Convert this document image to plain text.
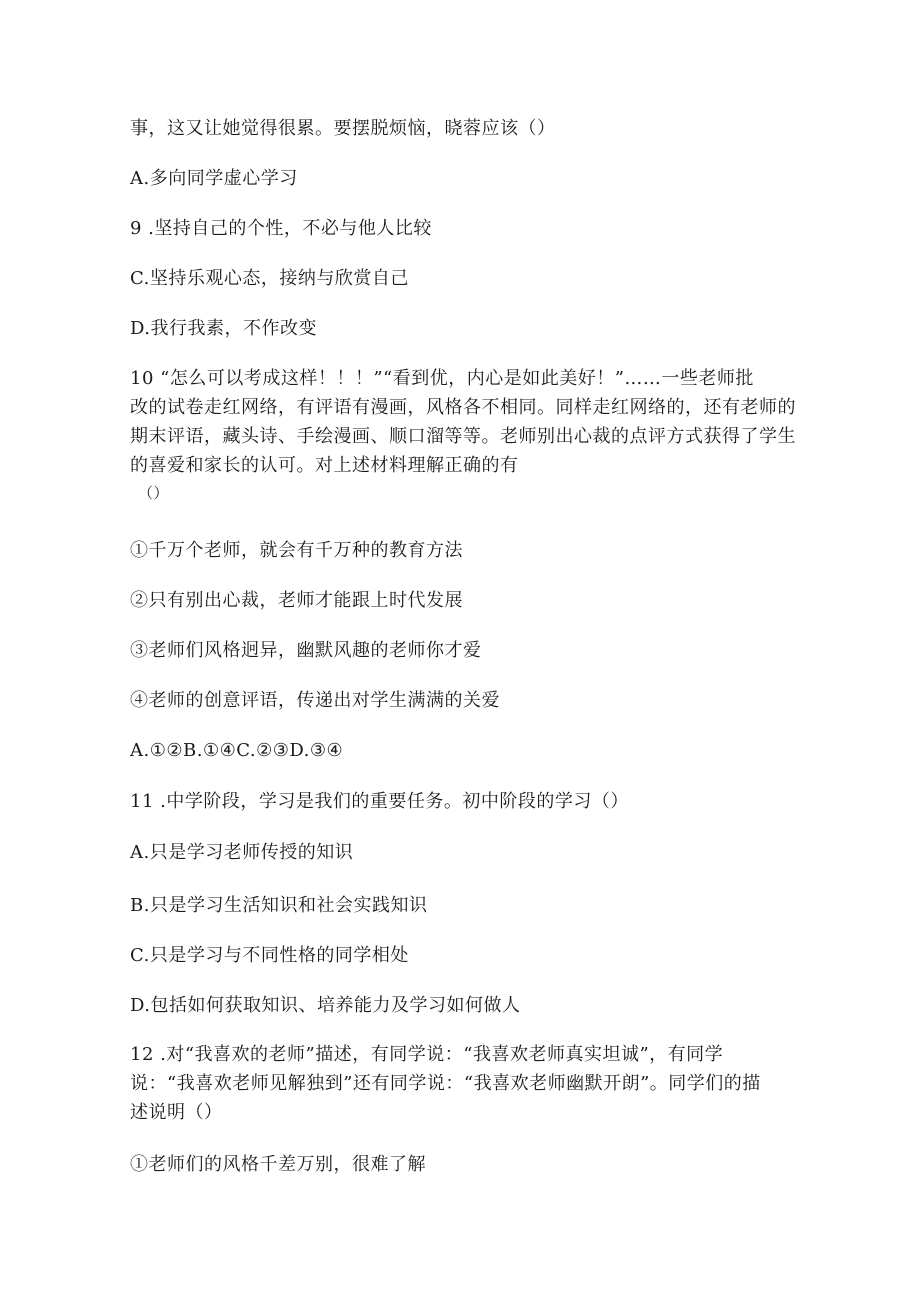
事，这又让她觉得很累。要摆脱烦恼，晓蓉应该（）
A.多向同学虚心学习
9 .坚持自己的个性，不必与他人比较
C.坚持乐观心态，接纳与欣赏自己
D.我行我素，不作改变
10 “怎么可以考成这样！！！”“看到优，内心是如此美好！”……一些老师批
改的试卷走红网络，有评语有漫画，风格各不相同。同样走红网络的，还有老师的
期末评语，藏头诗、手绘漫画、顺口溜等等。老师别出心裁的点评方式获得了学生
的喜爱和家长的认可。对上述材料理解正确的有
（）
①千万个老师，就会有千万种的教育方法
②只有别出心裁，老师才能跟上时代发展
③老师们风格迥异，幽默风趣的老师你才爱
④老师的创意评语，传递出对学生满满的关爱
A.①②B.①④C.②③D.③④
11 .中学阶段，学习是我们的重要任务。初中阶段的学习（）
A.只是学习老师传授的知识
B.只是学习生活知识和社会实践知识
C.只是学习与不同性格的同学相处
D.包括如何获取知识、培养能力及学习如何做人
12 .对“我喜欢的老师”描述，有同学说：“我喜欢老师真实坦诚”，有同学
说：“我喜欢老师见解独到”还有同学说：“我喜欢老师幽默开朗”。同学们的描
述说明（）
①老师们的风格千差万别，很难了解
